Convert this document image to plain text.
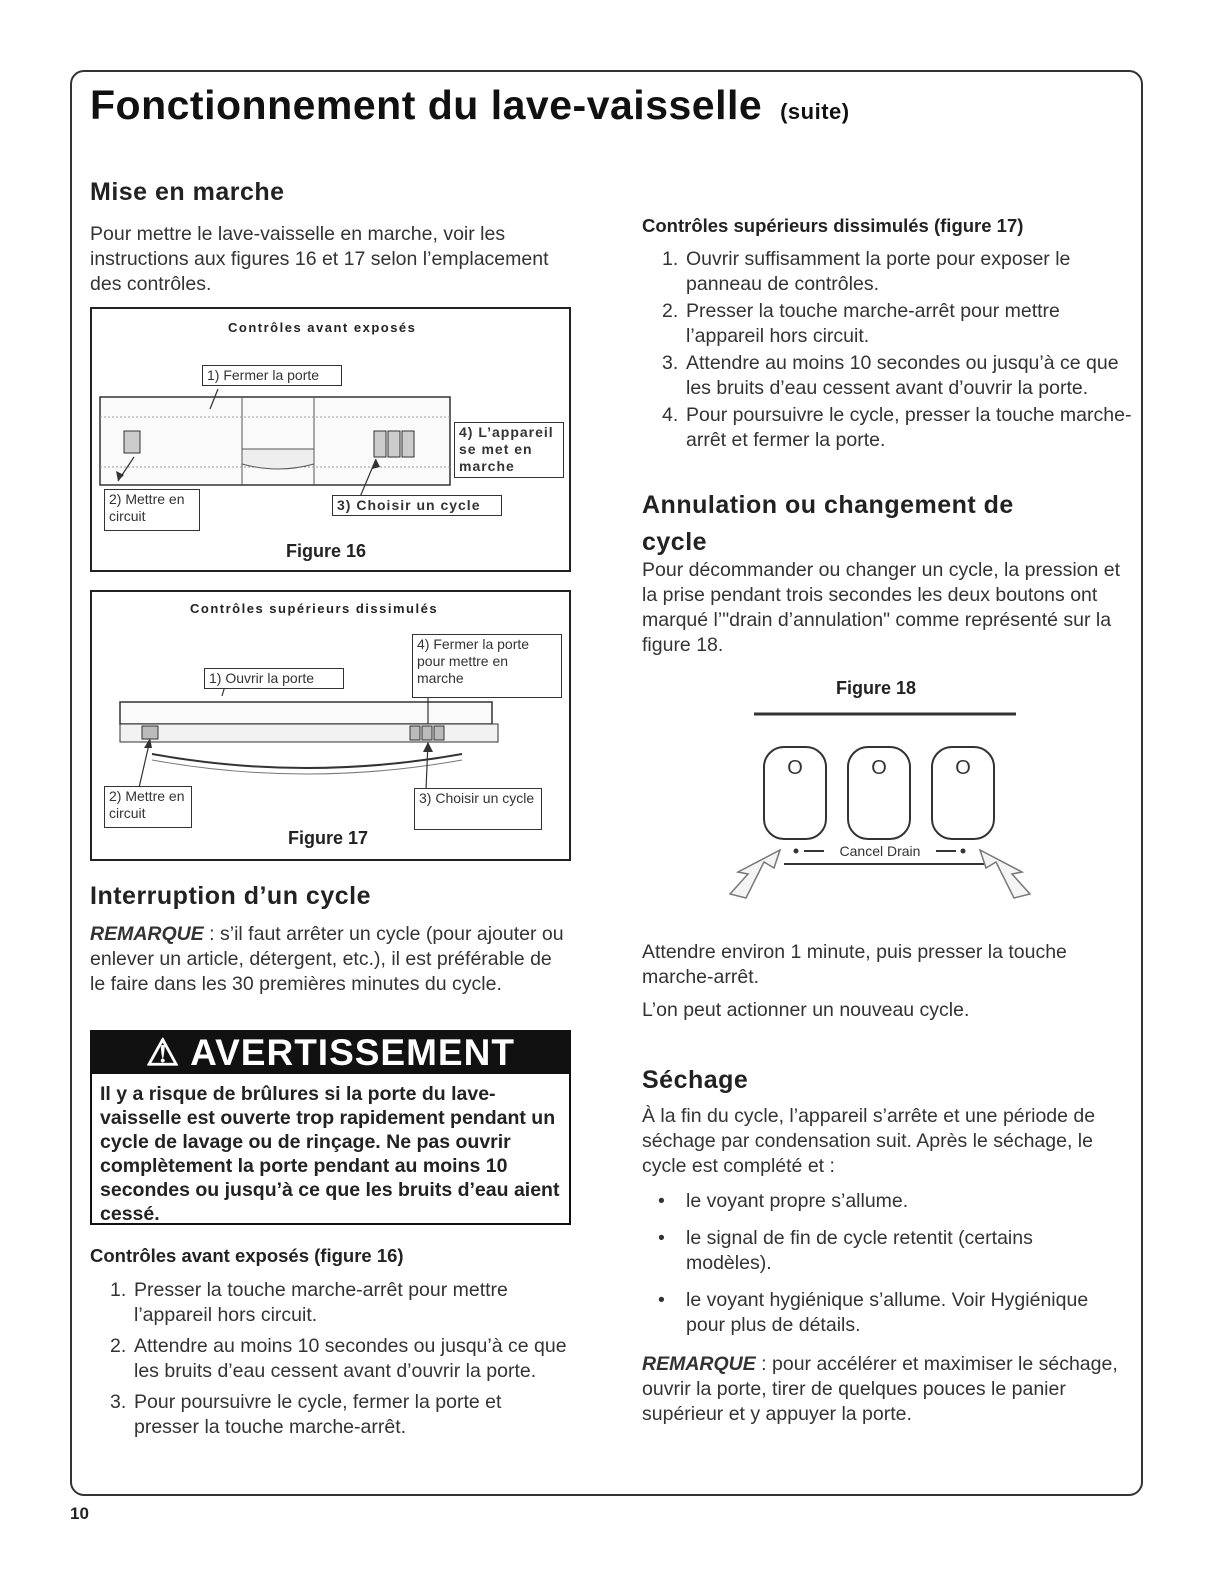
Fonctionnement du lave-vaisselle (suite)
Mise en marche
Pour mettre le lave-vaisselle en marche, voir les instructions aux figures 16 et 17 selon l’emplacement des contrôles.
Contrôles avant exposés
1) Fermer la porte
2) Mettre en circuit
3) Choisir un cycle
4) L’appareil se met en marche
Figure 16
Contrôles supérieurs dissimulés
1) Ouvrir la porte
4) Fermer la porte pour mettre en marche
2) Mettre en circuit
3) Choisir un cycle
Figure 17
Interruption d’un cycle
REMARQUE : s’il faut arrêter un cycle (pour ajouter ou enlever un article, détergent, etc.), il est préférable de le faire dans les 30 premières minutes du cycle.
⚠ AVERTISSEMENT
Il y a risque de brûlures si la porte du lave-vaisselle est ouverte trop rapidement pendant un cycle de lavage ou de rinçage. Ne pas ouvrir complètement la porte pendant au moins 10 secondes ou jusqu’à ce que les bruits d’eau aient cessé.
Contrôles avant exposés (figure 16)
1. Presser la touche marche-arrêt pour mettre l’appareil hors circuit.
2. Attendre au moins 10 secondes ou jusqu’à ce que les bruits d’eau cessent avant d’ouvrir la porte.
3. Pour poursuivre le cycle, fermer la porte et presser la touche marche-arrêt.
Contrôles supérieurs dissimulés (figure 17)
1. Ouvrir suffisamment la porte pour exposer le panneau de contrôles.
2. Presser la touche marche-arrêt pour mettre l’appareil hors circuit.
3. Attendre au moins 10 secondes ou jusqu’à ce que les bruits d’eau cessent avant d’ouvrir la porte.
4. Pour poursuivre le cycle, presser la touche marche-arrêt et fermer la porte.
Annulation ou changement de cycle
Pour décommander ou changer un cycle, la pression et la prise pendant trois secondes les deux boutons ont marqué l’"drain d’annulation" comme représenté sur la figure 18.
Figure 18
O	O	O
Cancel Drain
Attendre environ 1 minute, puis presser la touche marche-arrêt.
L’on peut actionner un nouveau cycle.
Séchage
À la fin du cycle, l’appareil s’arrête et une période de séchage par condensation suit. Après le séchage, le cycle est complété et :
• le voyant propre s’allume.
• le signal de fin de cycle retentit (certains modèles).
• le voyant hygiénique s’allume. Voir Hygiénique pour plus de détails.
REMARQUE : pour accélérer et maximiser le séchage, ouvrir la porte, tirer de quelques pouces le panier supérieur et y appuyer la porte.
10
